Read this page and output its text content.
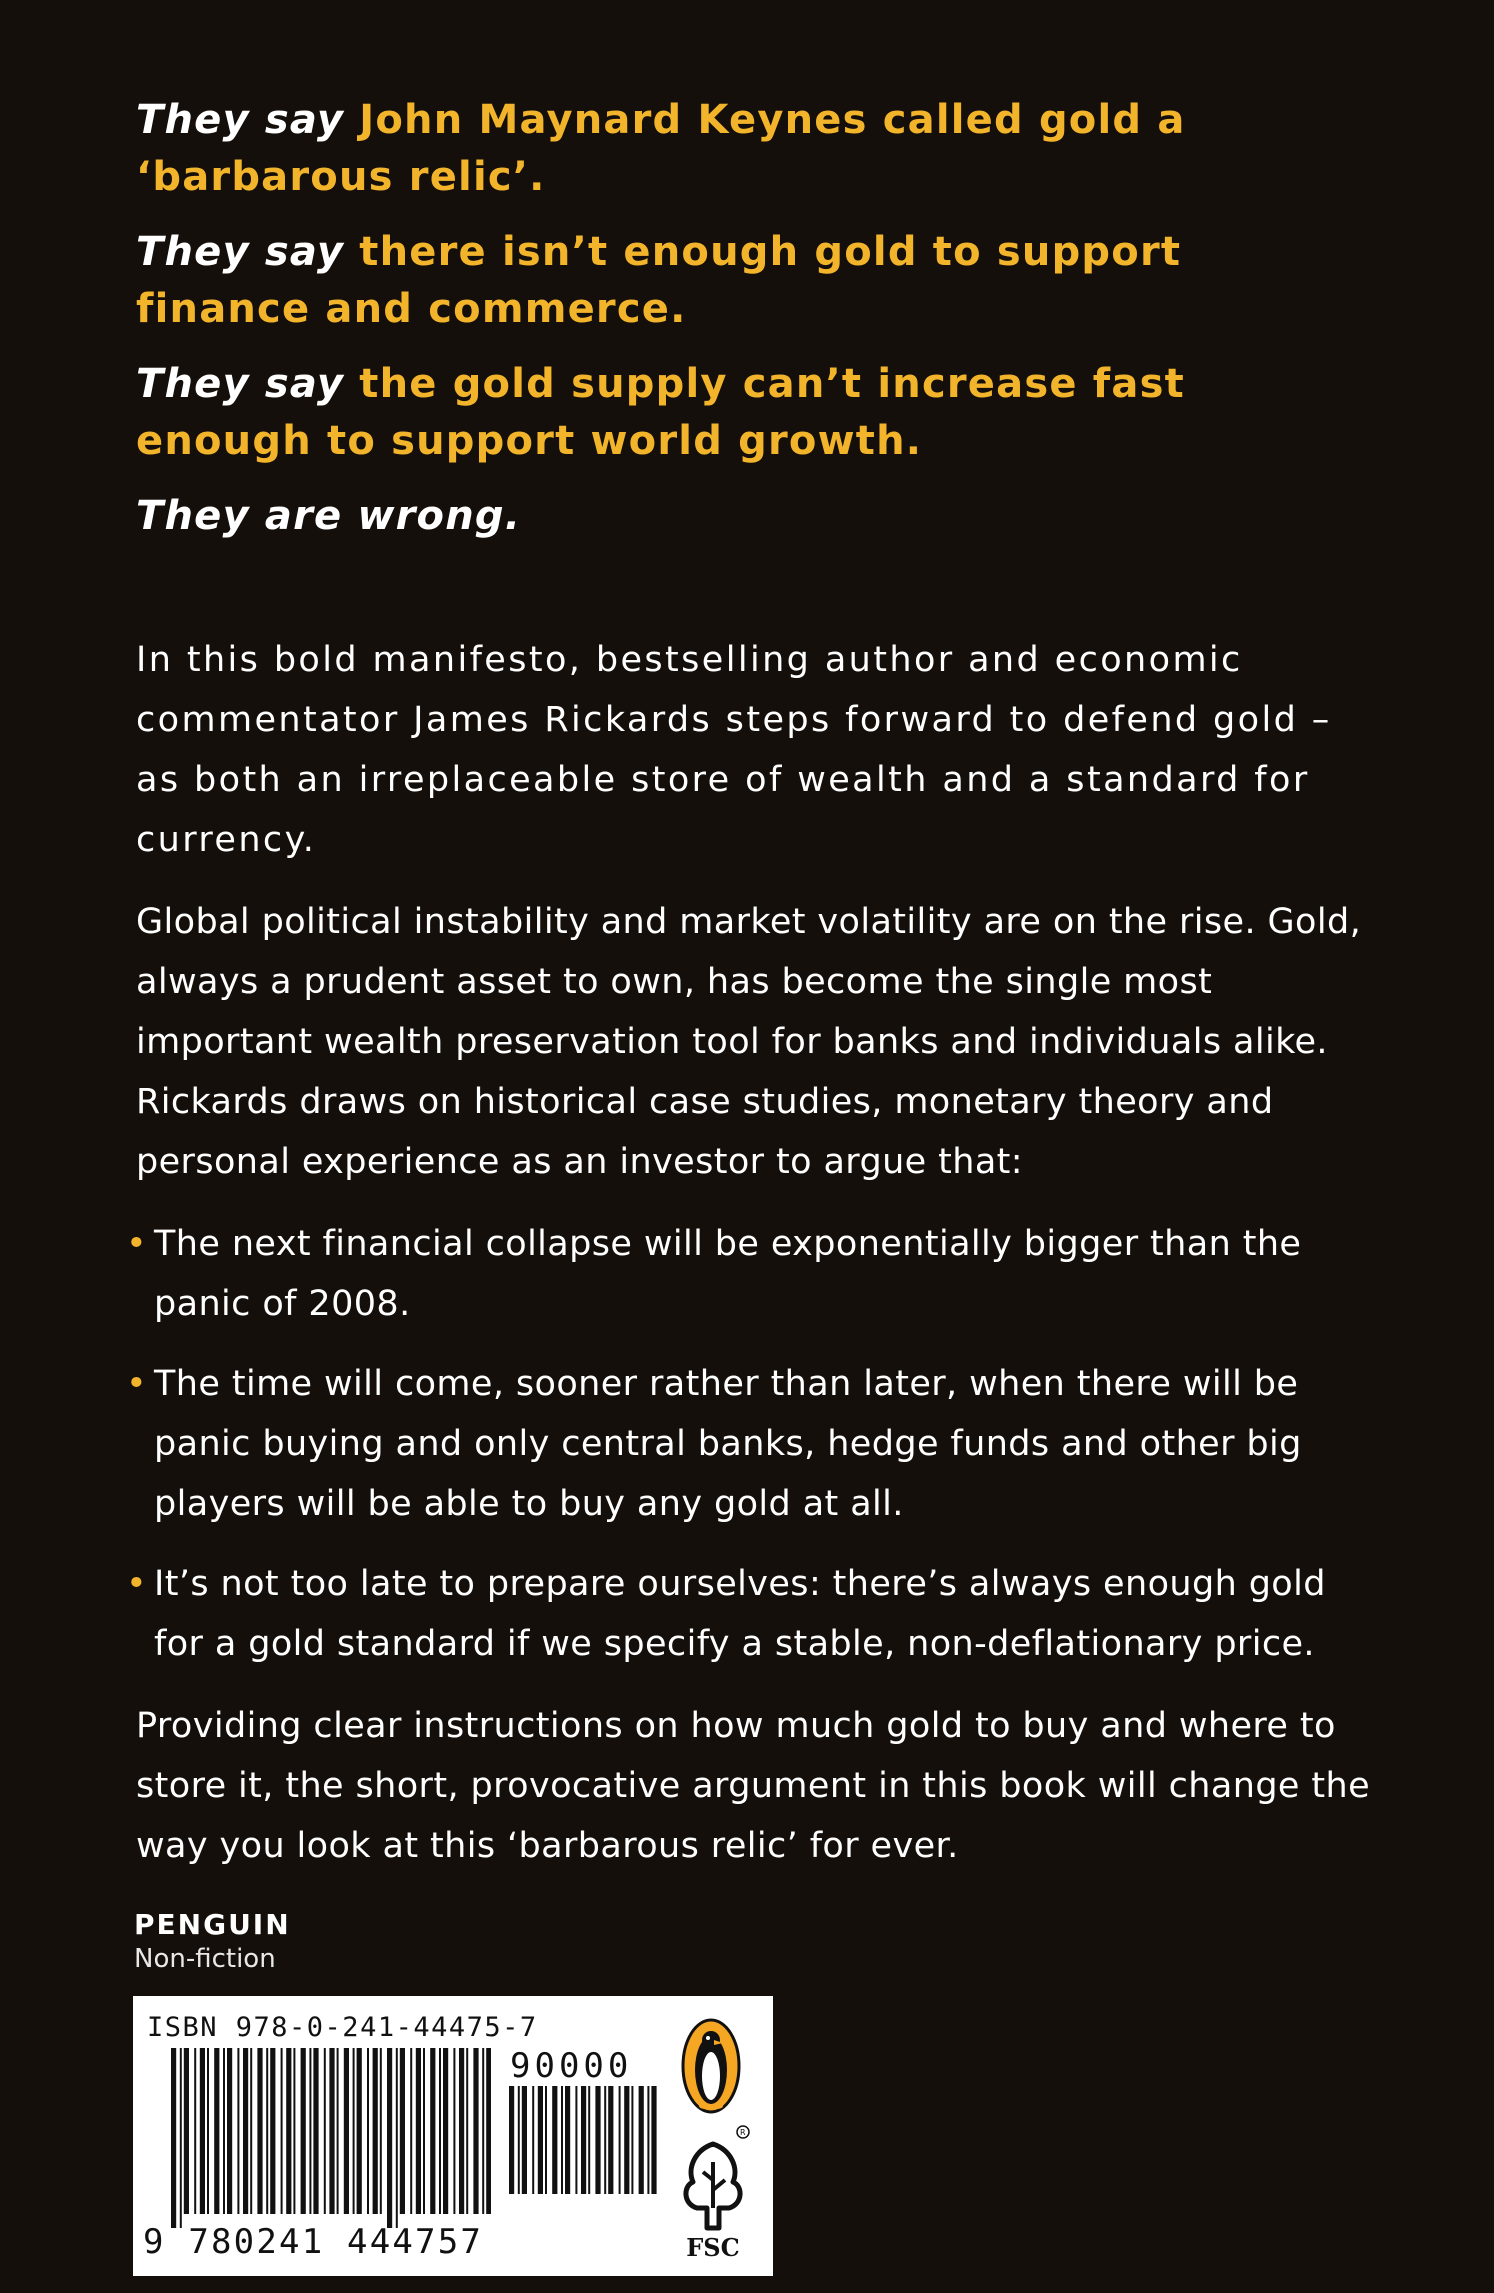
They say John Maynard Keynes called gold a ‘barbarous relic’.

They say there isn’t enough gold to support finance and commerce.

They say the gold supply can’t increase fast enough to support world growth.

They are wrong.

In this bold manifesto, bestselling author and economic commentator James Rickards steps forward to defend gold – as both an irreplaceable store of wealth and a standard for currency.

Global political instability and market volatility are on the rise. Gold, always a prudent asset to own, has become the single most important wealth preservation tool for banks and individuals alike. Rickards draws on historical case studies, monetary theory and personal experience as an investor to argue that:

• The next financial collapse will be exponentially bigger than the panic of 2008.
• The time will come, sooner rather than later, when there will be panic buying and only central banks, hedge funds and other big players will be able to buy any gold at all.
• It’s not too late to prepare ourselves: there’s always enough gold for a gold standard if we specify a stable, non-deflationary price.

Providing clear instructions on how much gold to buy and where to store it, the short, provocative argument in this book will change the way you look at this ‘barbarous relic’ for ever.

PENGUIN
Non-fiction
ISBN 978-0-241-44475-7
90000
9 780241 444757
R
FSC
